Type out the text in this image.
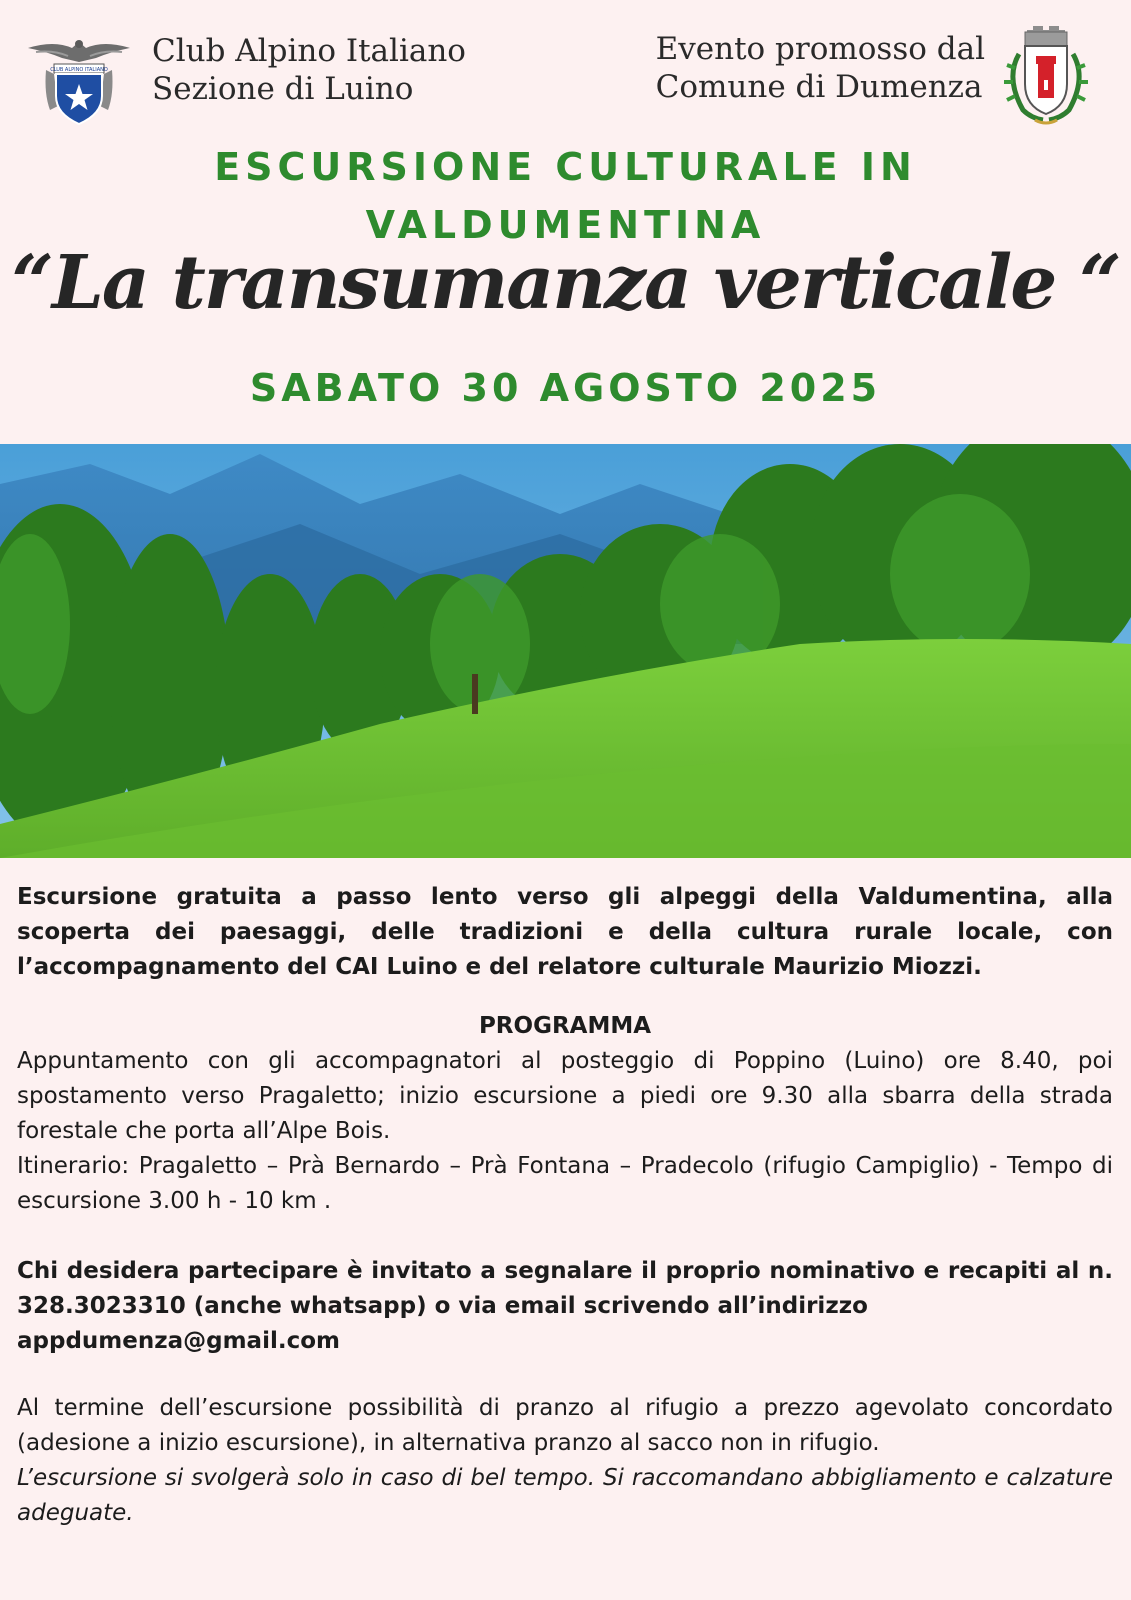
CLUB ALPINO ITALIANO
Club Alpino Italiano
Sezione di Luino
Evento promosso dal
Comune di Dumenza
ESCURSIONE CULTURALE IN
VALDUMENTINA
“La transumanza verticale “
SABATO 30 AGOSTO 2025

Escursione gratuita a passo lento verso gli alpeggi della Valdumentina, alla scoperta dei paesaggi, delle tradizioni e della cultura rurale locale, con l’accompagnamento del CAI Luino e del relatore culturale Maurizio Miozzi.

PROGRAMMA

Appuntamento con gli accompagnatori al posteggio di Poppino (Luino) ore 8.40, poi spostamento verso Pragaletto; inizio escursione a piedi ore 9.30 alla sbarra della strada forestale che porta all’Alpe Bois.

Itinerario: Pragaletto – Prà Bernardo – Prà Fontana – Pradecolo (rifugio Campiglio) - Tempo di escursione 3.00 h - 10 km .

Chi desidera partecipare è invitato a segnalare il proprio nominativo e recapiti al n. 328.3023310 (anche whatsapp) o via email scrivendo all’indirizzo
appdumenza@gmail.com

Al termine dell’escursione possibilità di pranzo al rifugio a prezzo agevolato concordato (adesione a inizio escursione), in alternativa pranzo al sacco non in rifugio.

L’escursione si svolgerà solo in caso di bel tempo. Si raccomandano abbigliamento e calzature adeguate.
